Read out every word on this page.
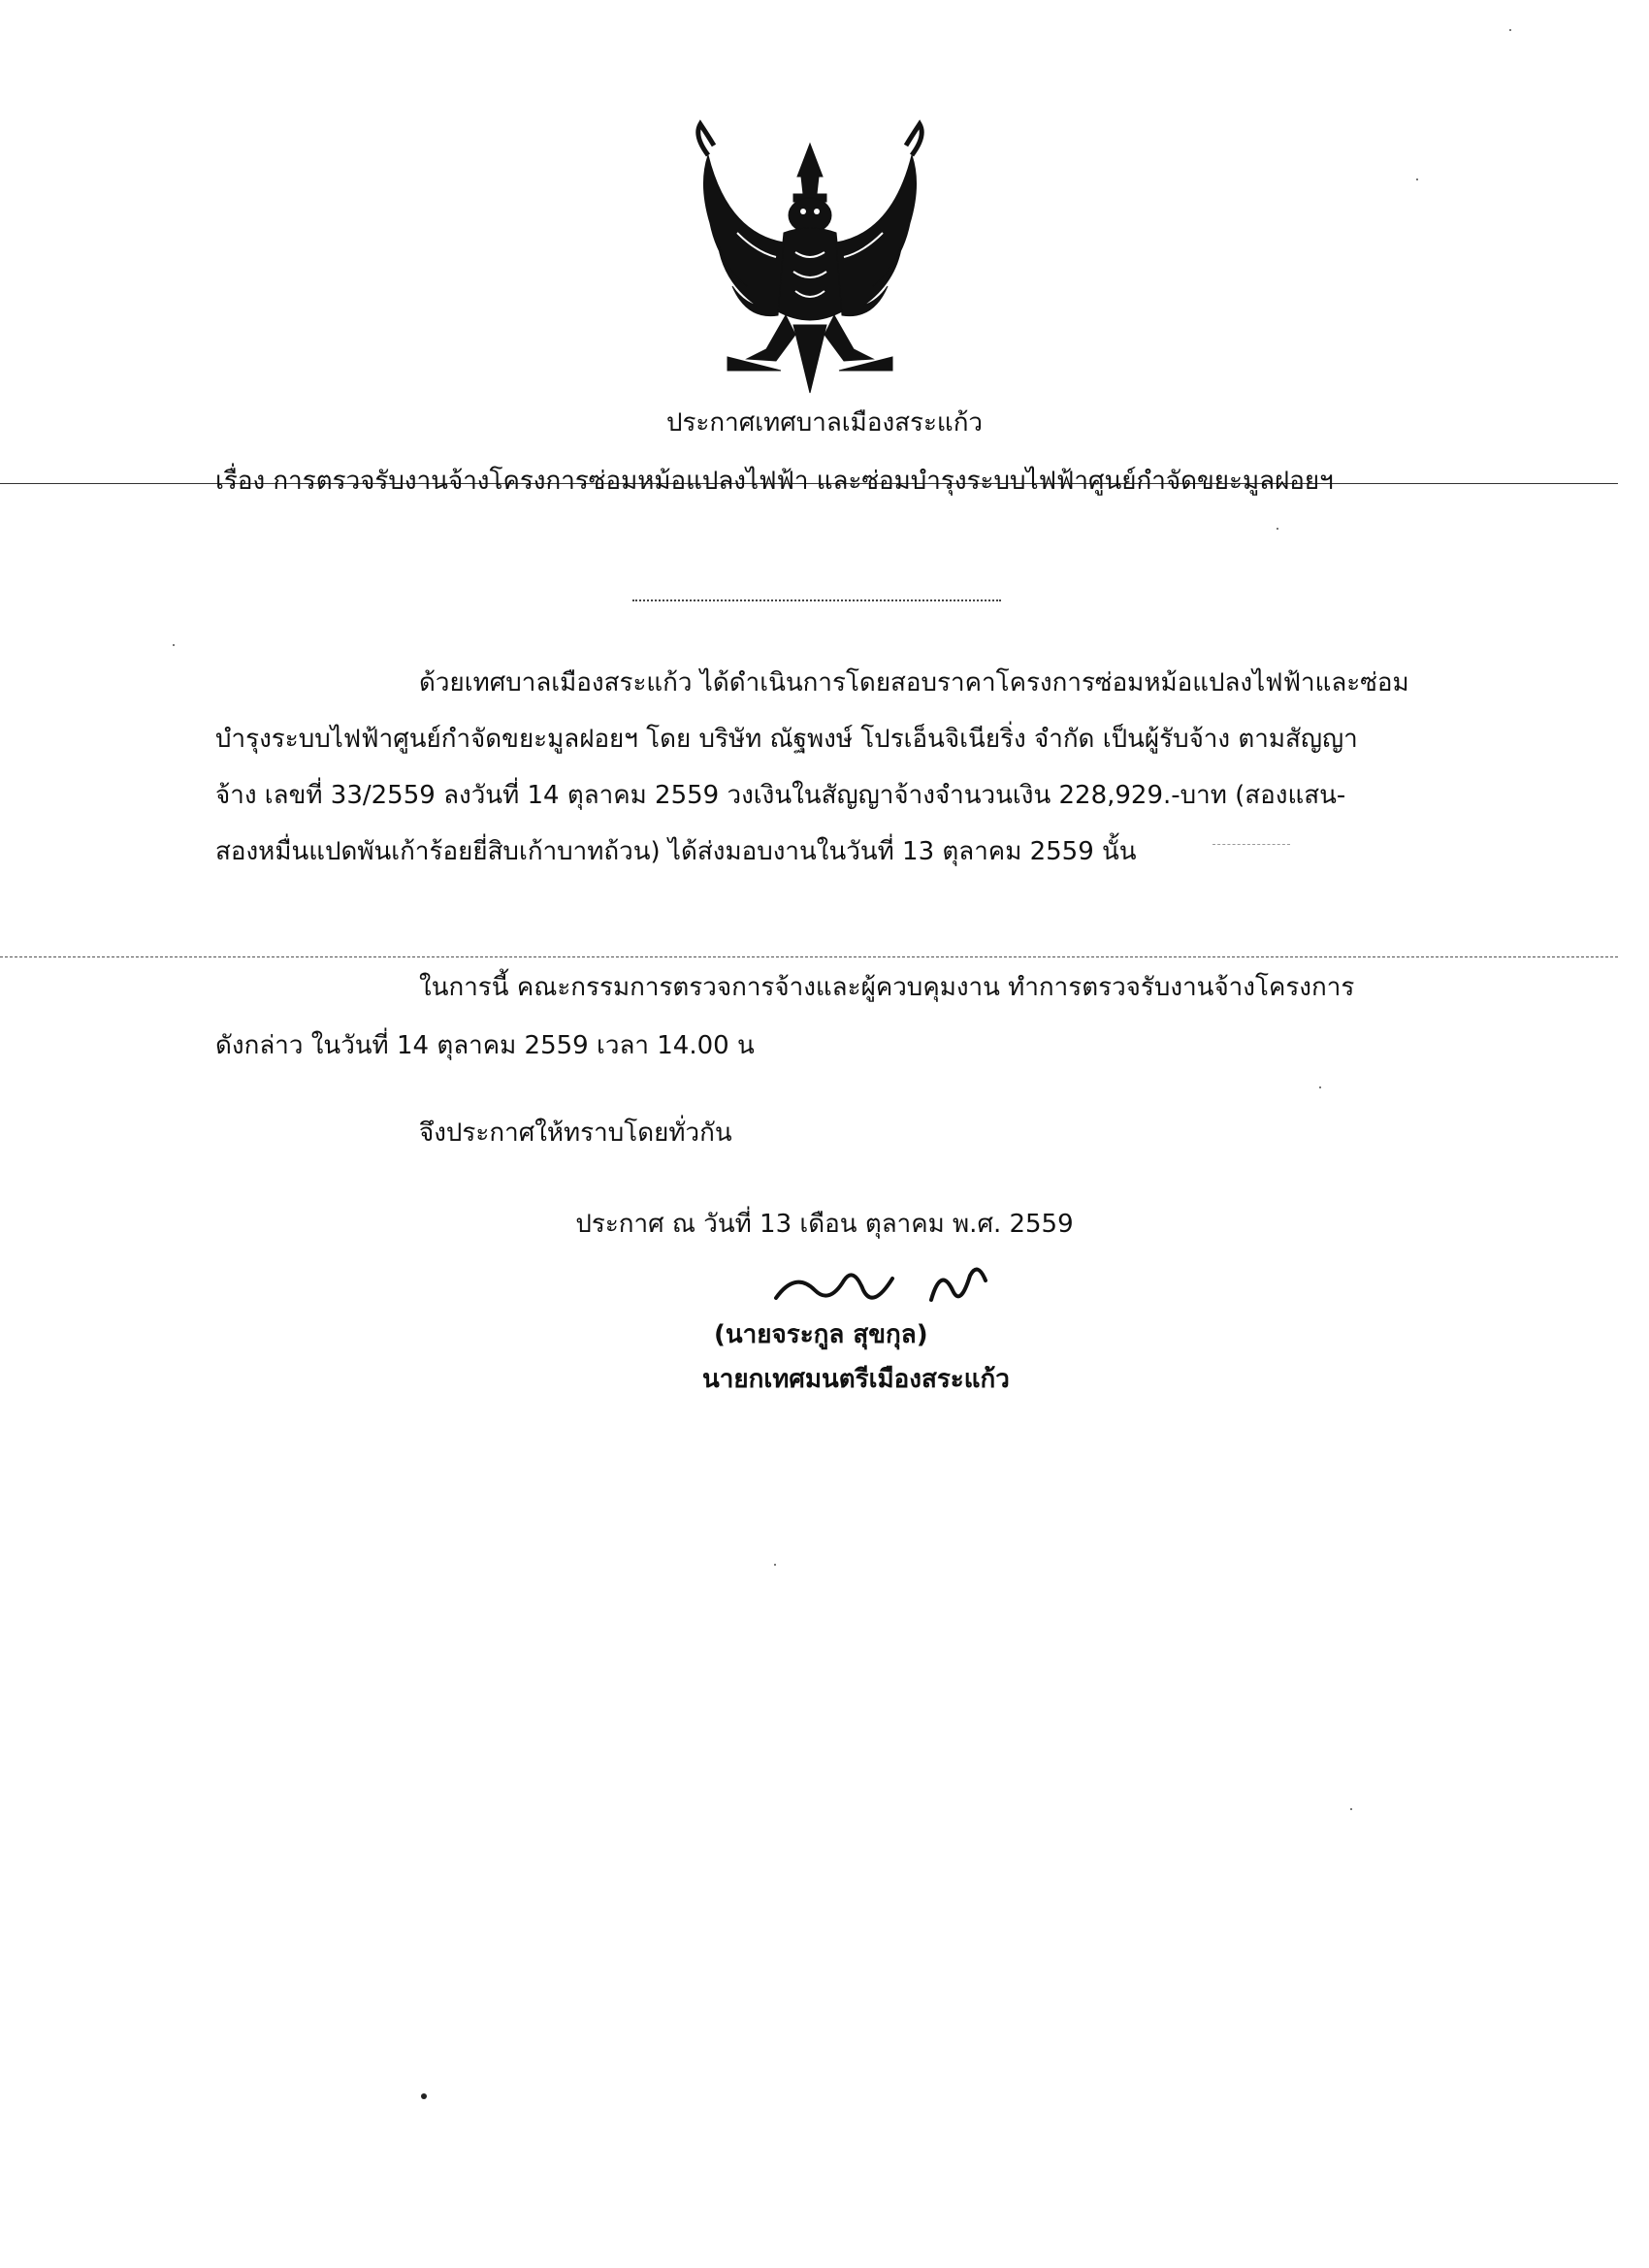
ประกาศเทศบาลเมืองสระแก้ว
เรื่อง การตรวจรับงานจ้างโครงการซ่อมหม้อแปลงไฟฟ้า และซ่อมบำรุงระบบไฟฟ้าศูนย์กำจัดขยะมูลฝอยฯ
ด้วยเทศบาลเมืองสระแก้ว ได้ดำเนินการโดยสอบราคาโครงการซ่อมหม้อแปลงไฟฟ้าและซ่อม
บำรุงระบบไฟฟ้าศูนย์กำจัดขยะมูลฝอยฯ โดย บริษัท ณัฐพงษ์ โปรเอ็นจิเนียริ่ง จำกัด เป็นผู้รับจ้าง ตามสัญญา
จ้าง เลขที่ 33/2559 ลงวันที่ 14 ตุลาคม 2559 วงเงินในสัญญาจ้างจำนวนเงิน 228,929.-บาท (สองแสน-
สองหมื่นแปดพันเก้าร้อยยี่สิบเก้าบาทถ้วน) ได้ส่งมอบงานในวันที่ 13 ตุลาคม 2559 นั้น
ในการนี้ คณะกรรมการตรวจการจ้างและผู้ควบคุมงาน ทำการตรวจรับงานจ้างโครงการ
ดังกล่าว ในวันที่ 14 ตุลาคม 2559 เวลา 14.00 น
จึงประกาศให้ทราบโดยทั่วกัน
ประกาศ ณ วันที่ 13 เดือน ตุลาคม พ.ศ. 2559
(นายจระกูล สุขกุล)
นายกเทศมนตรีเมืองสระแก้ว
